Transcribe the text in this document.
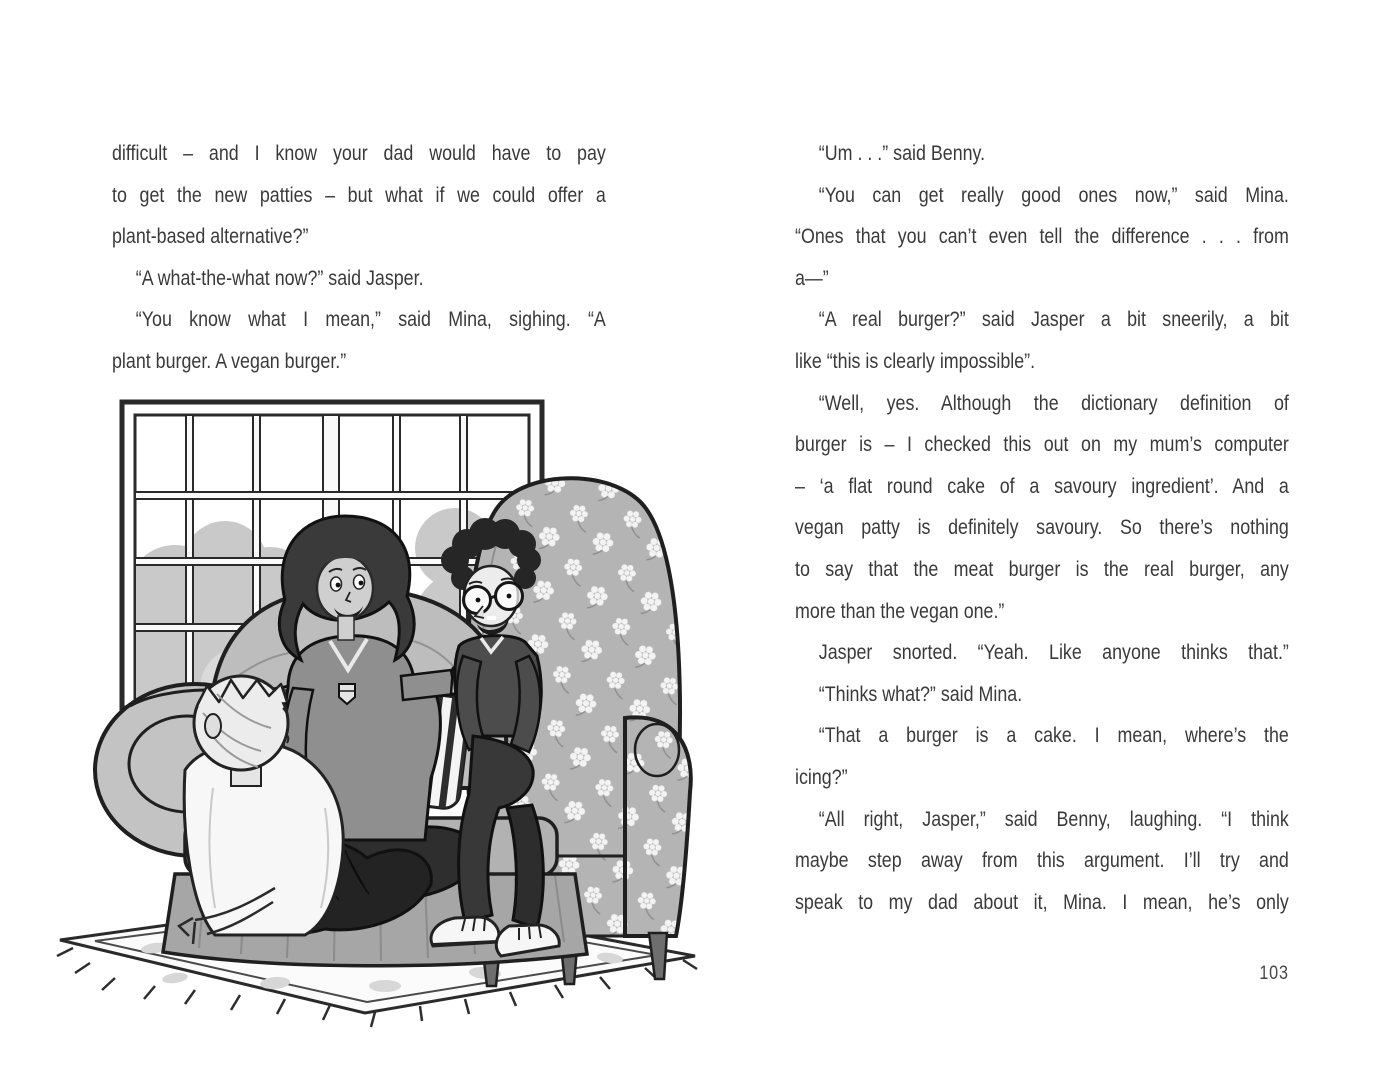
difficult – and I know your dad would have to pay

to get the new patties – but what if we could offer a

plant-based alternative?”

“A what-the-what now?” said Jasper.

“You know what I mean,” said Mina, sighing. “A

plant burger. A vegan burger.”

“Um . . .” said Benny.

“You can get really good ones now,” said Mina.

“Ones that you can’t even tell the difference . . . from

a—”

“A real burger?” said Jasper a bit sneerily, a bit

like “this is clearly impossible”.

“Well, yes. Although the dictionary definition of

burger is – I checked this out on my mum’s computer

– ‘a flat round cake of a savoury ingredient’. And a

vegan patty is definitely savoury. So there’s nothing

to say that the meat burger is the real burger, any

more than the vegan one.”

Jasper snorted. “Yeah. Like anyone thinks that.”

“Thinks what?” said Mina.

“That a burger is a cake. I mean, where’s the

icing?”

“All right, Jasper,” said Benny, laughing. “I think

maybe step away from this argument. I’ll try and

speak to my dad about it, Mina. I mean, he’s only

103
